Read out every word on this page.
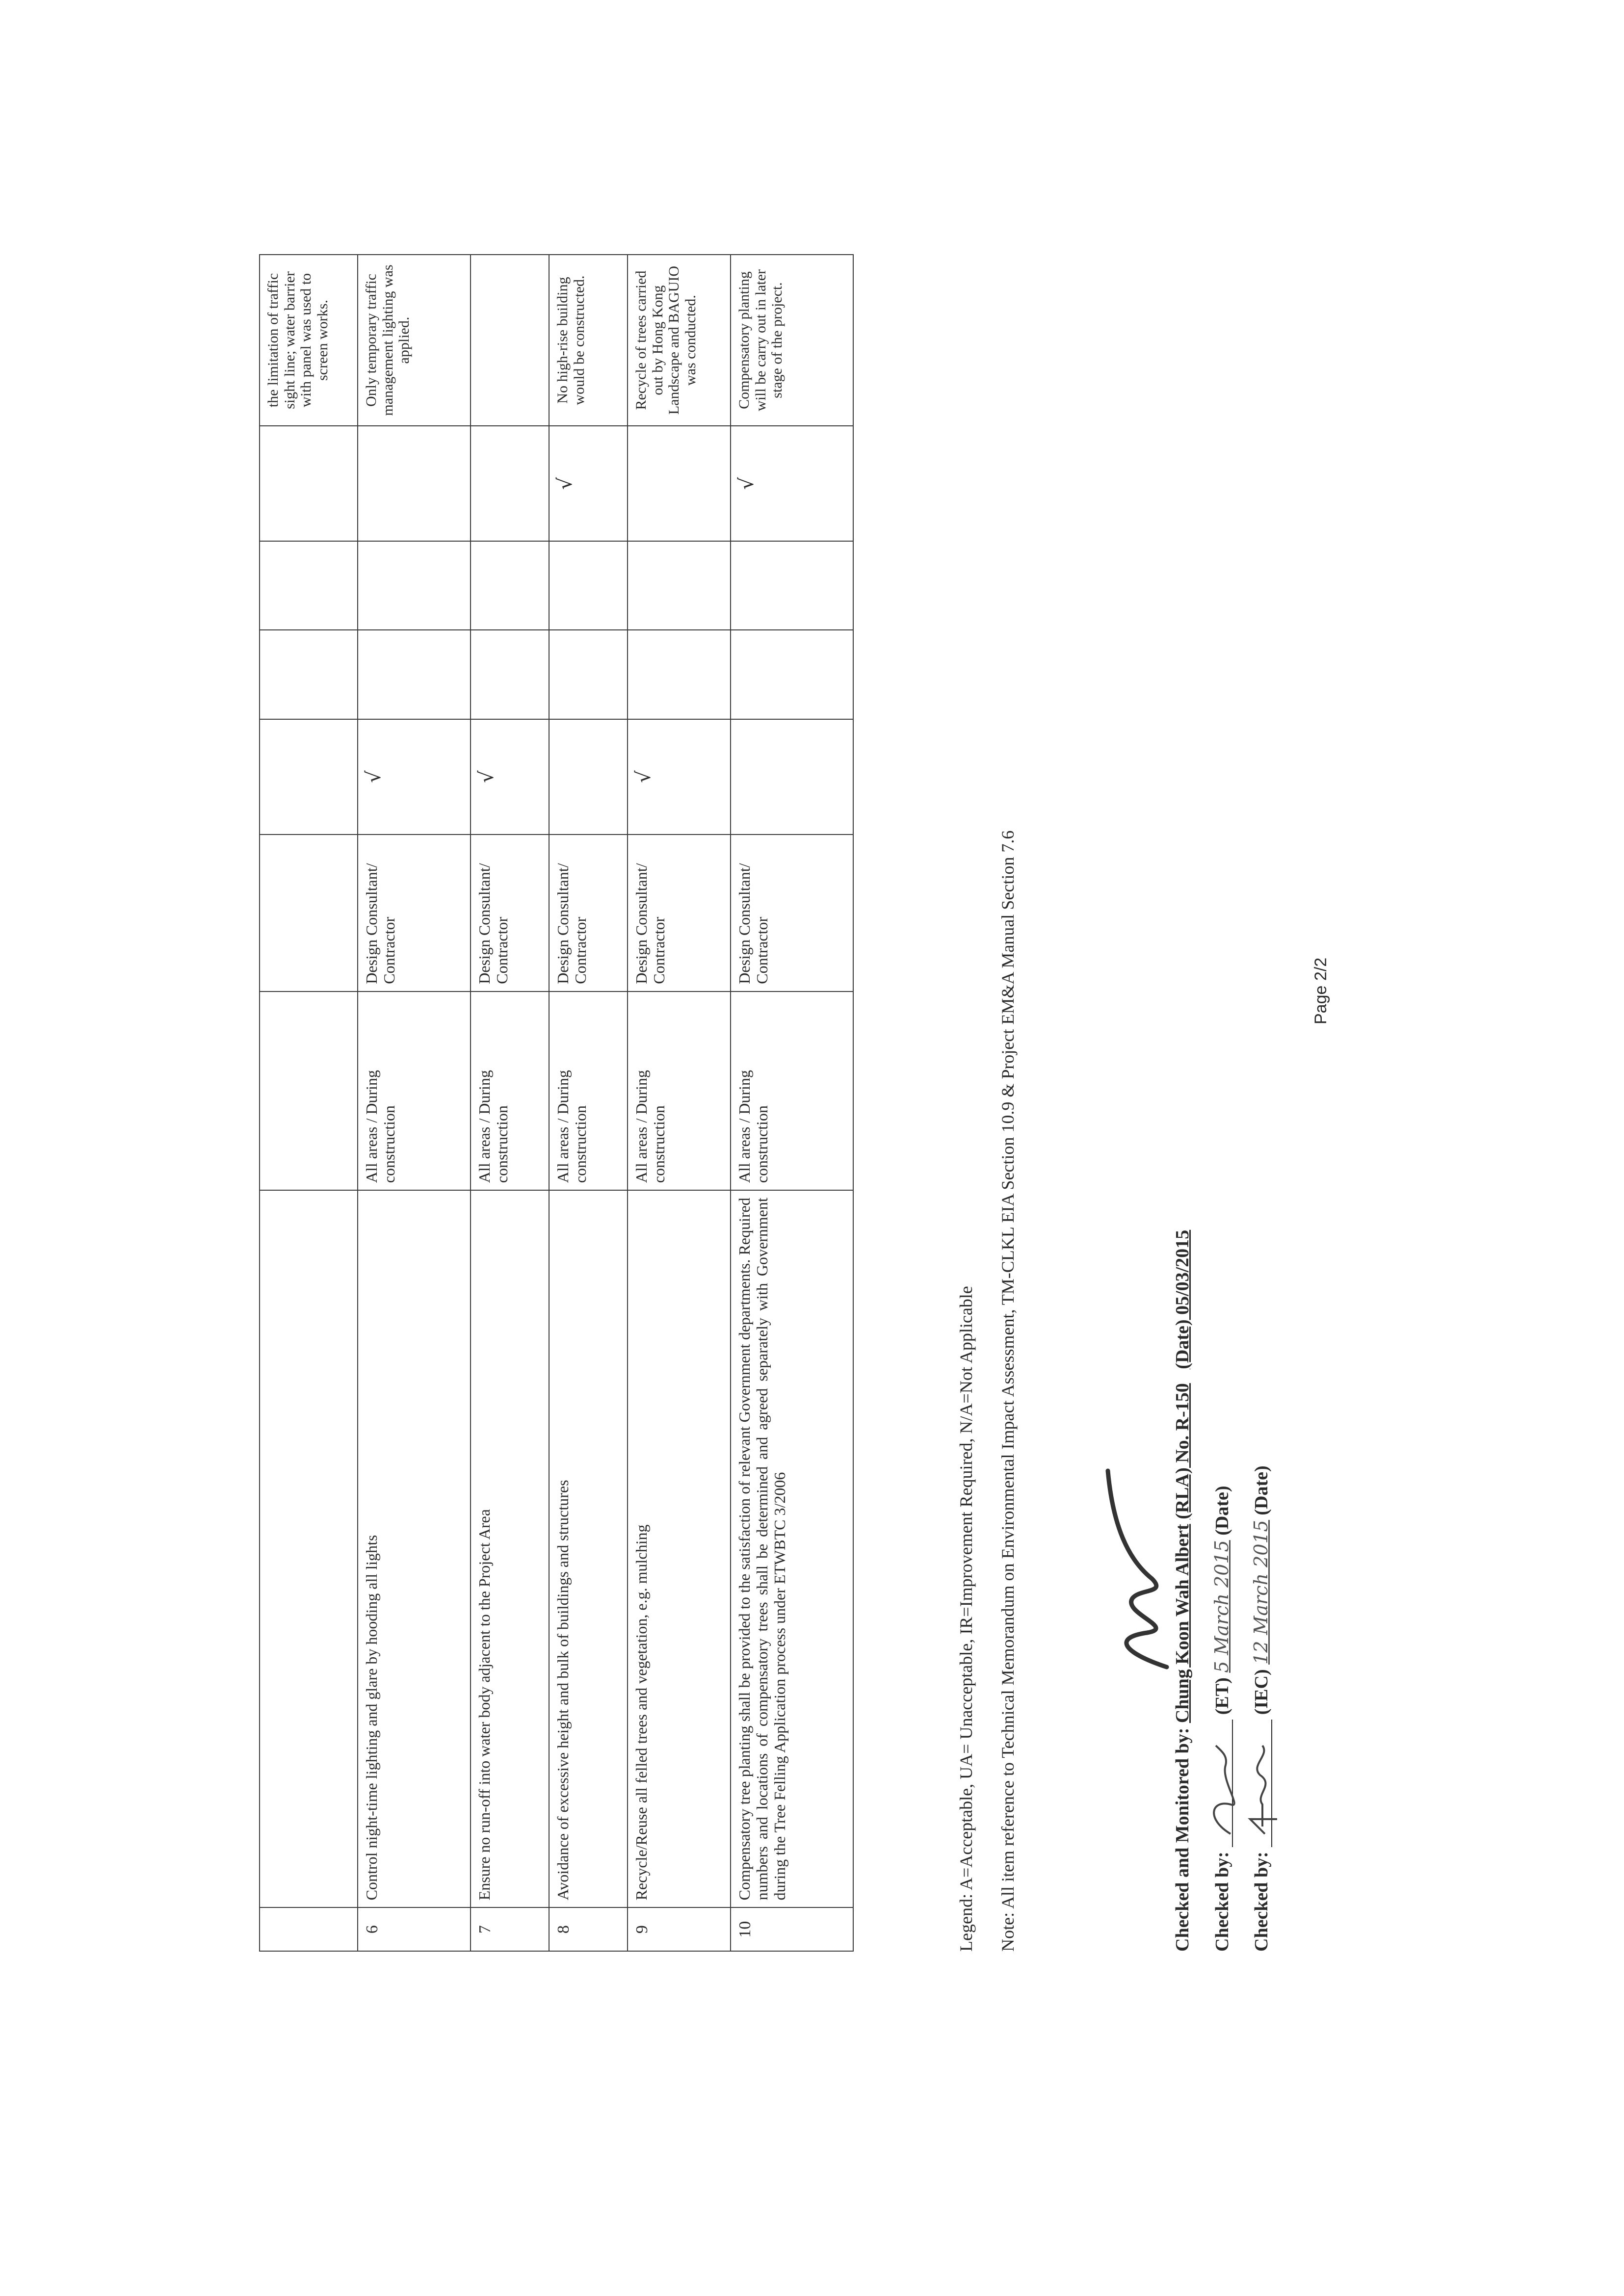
								the limitation of traffic sight line; water barrier with panel was used to screen works.
6	Control night-time lighting and glare by hooding all lights	All areas / During construction	Design Consultant/ Contractor	√				Only temporary traffic management lighting was applied.
7	Ensure no run-off into water body adjacent to the Project Area	All areas / During construction	Design Consultant/ Contractor	√				
8	Avoidance of excessive height and bulk of buildings and structures	All areas / During construction	Design Consultant/ Contractor				√	No high-rise building would be constructed.
9	Recycle/Reuse all felled trees and vegetation, e.g. mulching	All areas / During construction	Design Consultant/ Contractor	√				Recycle of trees carried out by Hong Kong Landscape and BAGUIO was conducted.
10	Compensatory tree planting shall be provided to the satisfaction of relevant Government departments. Required numbers and locations of compensatory trees shall be determined and agreed separately with Government during the Tree Felling Application process under ETWBTC 3/2006	All areas / During construction	Design Consultant/ Contractor				√	Compensatory planting will be carry out in later stage of the project.
Legend: A=Acceptable, UA= Unacceptable, IR=Improvement Required, N/A=Not Applicable Note: All item reference to Technical Memorandum on Environmental Impact Assessment, TM-CLKL EIA Section 10.9 & Project EM&A Manual Section 7.6	Checked and Monitored by: Chung Koon Wah Albert (RLA) No. R-150   (Date) 05/03/2015
Checked by:  (ET) 5 March 2015 (Date)
Checked by:  (IEC) 12 March 2015 (Date)
Page 2/2
